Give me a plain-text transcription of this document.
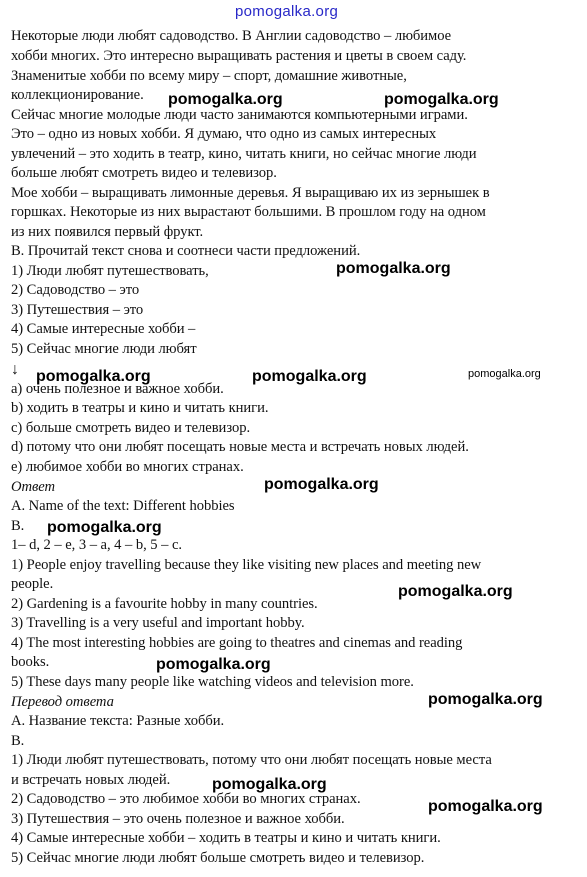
pomogalka.org
pomogalka.org	pomogalka.org
pomogalka.org
pomogalka.org	pomogalka.org	pomogalka.org
pomogalka.org
pomogalka.org
pomogalka.org
pomogalka.org
pomogalka.org
pomogalka.org
pomogalka.org
Некоторые люди любят садоводство. В Англии садоводство – любимое
хобби многих. Это интересно выращивать растения и цветы в своем саду.
Знаменитые хобби по всему миру – спорт, домашние животные,
коллекционирование.
Сейчас многие молодые люди часто занимаются компьютерными играми.
Это – одно из новых хобби. Я думаю, что одно из самых интересных
увлечений – это ходить в театр, кино, читать книги, но сейчас многие люди
больше любят смотреть видео и телевизор.
Мое хобби – выращивать лимонные деревья. Я выращиваю их из зернышек в
горшках. Некоторые из них вырастают большими. В прошлом году на одном
из них появился первый фрукт.
B. Прочитай текст снова и соотнеси части предложений.
1) Люди любят путешествовать,
2) Садоводство – это
3) Путешествия – это
4) Самые интересные хобби –
5) Сейчас многие люди любят
↓
a) очень полезное и важное хобби.
b) ходить в театры и кино и читать книги.
c) больше смотреть видео и телевизор.
d) потому что они любят посещать новые места и встречать новых людей.
e) любимое хобби во многих странах.
Ответ
A. Name of the text: Different hobbies
B.
1– d, 2 – e, 3 – a, 4 – b, 5 – c.
1) People enjoy travelling because they like visiting new places and meeting new
people.
2) Gardening is a favourite hobby in many countries.
3) Travelling is a very useful and important hobby.
4) The most interesting hobbies are going to theatres and cinemas and reading
books.
5) These days many people like watching videos and television more.
Перевод ответа
А. Название текста: Разные хобби.
В.
1) Люди любят путешествовать, потому что они любят посещать новые места
и встречать новых людей.
2) Садоводство – это любимое хобби во многих странах.
3) Путешествия – это очень полезное и важное хобби.
4) Самые интересные хобби – ходить в театры и кино и читать книги.
5) Сейчас многие люди любят больше смотреть видео и телевизор.
